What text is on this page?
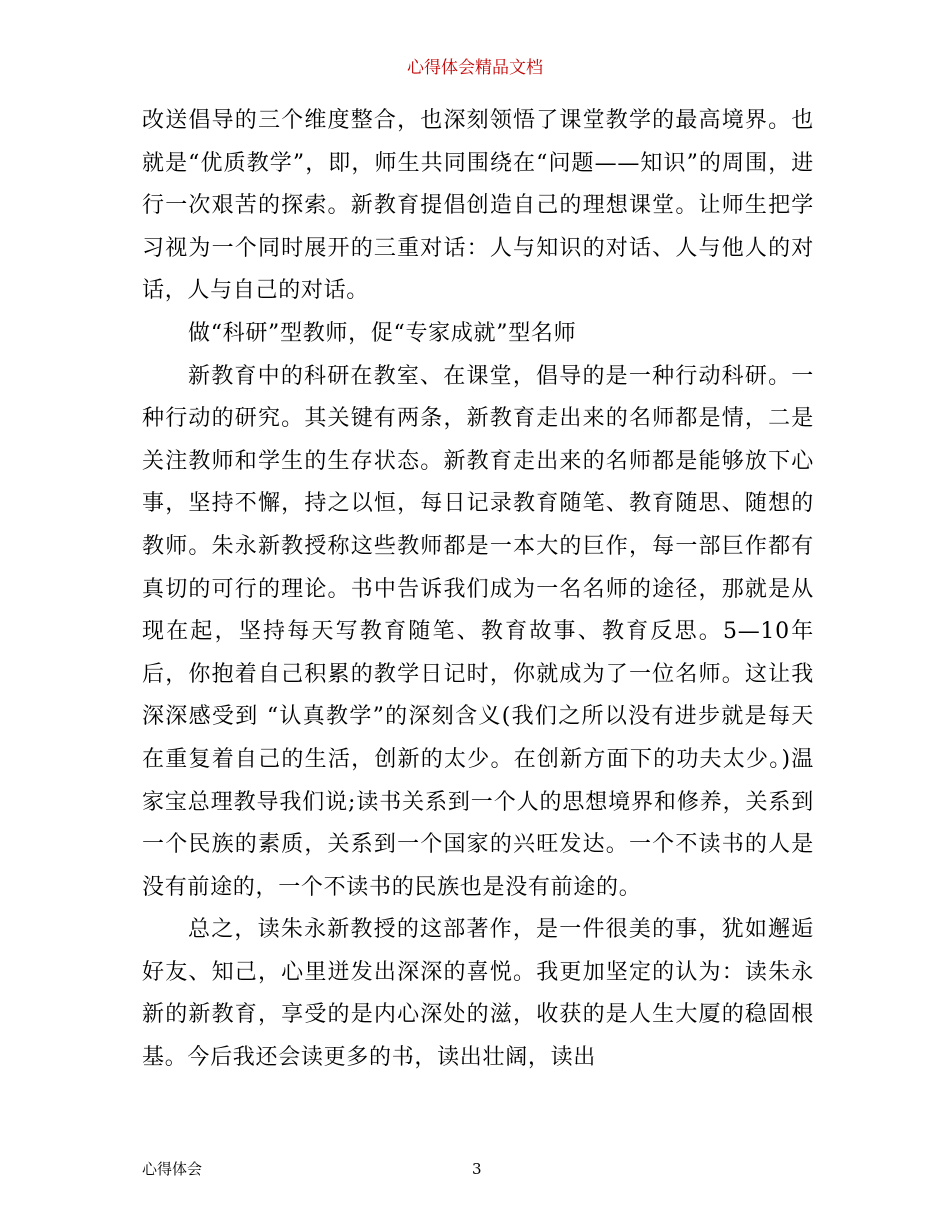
心得体会精品文档

改送倡导的三个维度整合，也深刻领悟了课堂教学的最高境界。也就是“优质教学”，即，师生共同围绕在“问题——知识”的周围，进行一次艰苦的探索。新教育提倡创造自己的理想课堂。让师生把学习视为一个同时展开的三重对话：人与知识的对话、人与他人的对话，人与自己的对话。

做“科研”型教师，促“专家成就”型名师

新教育中的科研在教室、在课堂，倡导的是一种行动科研。一种行动的研究。其关键有两条，新教育走出来的名师都是情，二是关注教师和学生的生存状态。新教育走出来的名师都是能够放下心事，坚持不懈，持之以恒，每日记录教育随笔、教育随思、随想的教师。朱永新教授称这些教师都是一本大的巨作，每一部巨作都有真切的可行的理论。书中告诉我们成为一名名师的途径，那就是从现在起，坚持每天写教育随笔、教育故事、教育反思。5—10年后，你抱着自己积累的教学日记时，你就成为了一位名师。这让我深深感受到 “认真教学”的深刻含义(我们之所以没有进步就是每天在重复着自己的生活，创新的太少。在创新方面下的功夫太少。)温家宝总理教导我们说;读书关系到一个人的思想境界和修养，关系到一个民族的素质，关系到一个国家的兴旺发达。一个不读书的人是没有前途的，一个不读书的民族也是没有前途的。

总之，读朱永新教授的这部著作，是一件很美的事，犹如邂逅好友、知己，心里迸发出深深的喜悦。我更加坚定的认为：读朱永新的新教育，享受的是内心深处的滋，收获的是人生大厦的稳固根基。今后我还会读更多的书，读出壮阔，读出

心得体会	3
